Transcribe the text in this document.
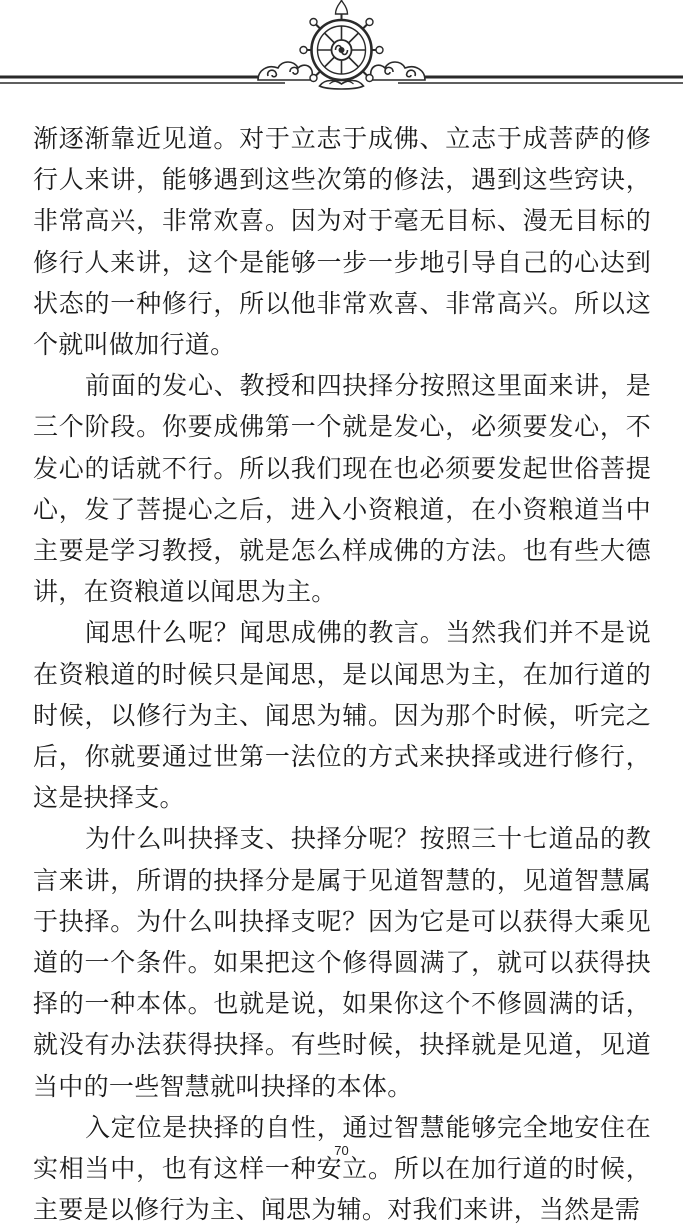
渐逐渐靠近见道。对于立志于成佛、立志于成菩萨的修行人来讲，能够遇到这些次第的修法，遇到这些窍诀，非常高兴，非常欢喜。因为对于毫无目标、漫无目标的修行人来讲，这个是能够一步一步地引导自己的心达到状态的一种修行，所以他非常欢喜、非常高兴。所以这个就叫做加行道。

前面的发心、教授和四抉择分按照这里面来讲，是三个阶段。你要成佛第一个就是发心，必须要发心，不发心的话就不行。所以我们现在也必须要发起世俗菩提心，发了菩提心之后，进入小资粮道，在小资粮道当中主要是学习教授，就是怎么样成佛的方法。也有些大德讲，在资粮道以闻思为主。

闻思什么呢？闻思成佛的教言。当然我们并不是说在资粮道的时候只是闻思，是以闻思为主，在加行道的时候，以修行为主、闻思为辅。因为那个时候，听完之后，你就要通过世第一法位的方式来抉择或进行修行，这是抉择支。

为什么叫抉择支、抉择分呢？按照三十七道品的教言来讲，所谓的抉择分是属于见道智慧的，见道智慧属于抉择。为什么叫抉择支呢？因为它是可以获得大乘见道的一个条件。如果把这个修得圆满了，就可以获得抉择的一种本体。也就是说，如果你这个不修圆满的话，就没有办法获得抉择。有些时候，抉择就是见道，见道当中的一些智慧就叫抉择的本体。

入定位是抉择的自性，通过智慧能够完全地安住在实相当中，也有这样一种安立。所以在加行道的时候，主要是以修行为主、闻思为辅。对我们来讲，当然是需

70
